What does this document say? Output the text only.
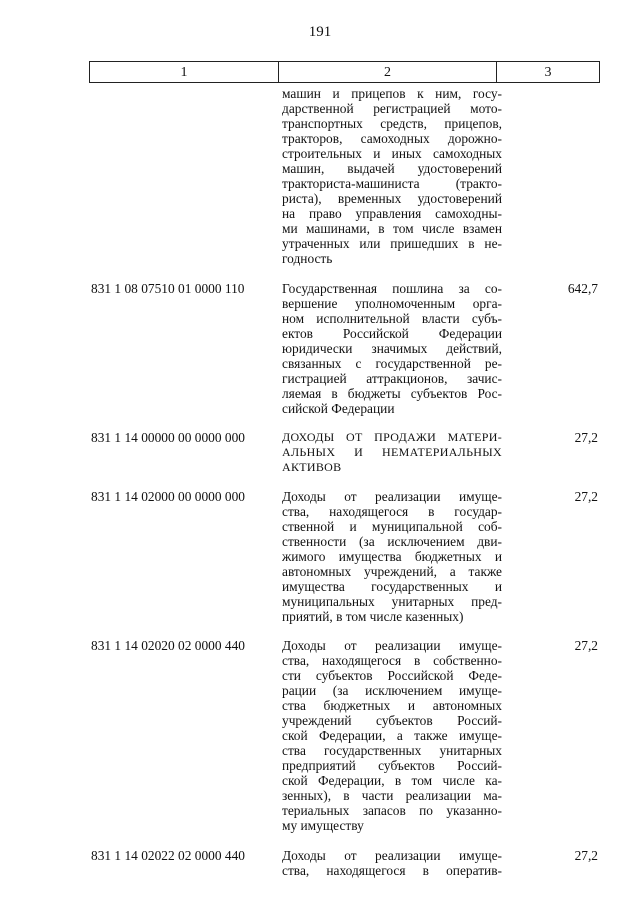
191
1	2	3
машин и прицепов к ним, госу-
дарственной регистрацией мото-
транспортных средств, прицепов,
тракторов, самоходных дорожно-
строительных и иных самоходных
машин, выдачей удостоверений
тракториста-машиниста (тракто-
риста), временных удостоверений
на право управления самоходны-
ми машинами, в том числе взамен
утраченных или пришедших в не-
годность
831 1 08 07510 01 0000 110	Государственная пошлина за со-
вершение уполномоченным орга-
ном исполнительной власти субъ-
ектов Российской Федерации
юридически значимых действий,
связанных с государственной ре-
гистрацией аттракционов, зачис-
ляемая в бюджеты субъектов Рос-
сийской Федерации
642,7
831 1 14 00000 00 0000 000	ДОХОДЫ ОТ ПРОДАЖИ МАТЕРИ-
АЛЬНЫХ И НЕМАТЕРИАЛЬНЫХ
АКТИВОВ
27,2
831 1 14 02000 00 0000 000	Доходы от реализации имуще-
ства, находящегося в государ-
ственной и муниципальной соб-
ственности (за исключением дви-
жимого имущества бюджетных и
автономных учреждений, а также
имущества государственных и
муниципальных унитарных пред-
приятий, в том числе казенных)
27,2
831 1 14 02020 02 0000 440	Доходы от реализации имуще-
ства, находящегося в собственно-
сти субъектов Российской Феде-
рации (за исключением имуще-
ства бюджетных и автономных
учреждений субъектов Россий-
ской Федерации, а также имуще-
ства государственных унитарных
предприятий субъектов Россий-
ской Федерации, в том числе ка-
зенных), в части реализации ма-
териальных запасов по указанно-
му имуществу
27,2
831 1 14 02022 02 0000 440	Доходы от реализации имуще-
ства, находящегося в оператив-
27,2
